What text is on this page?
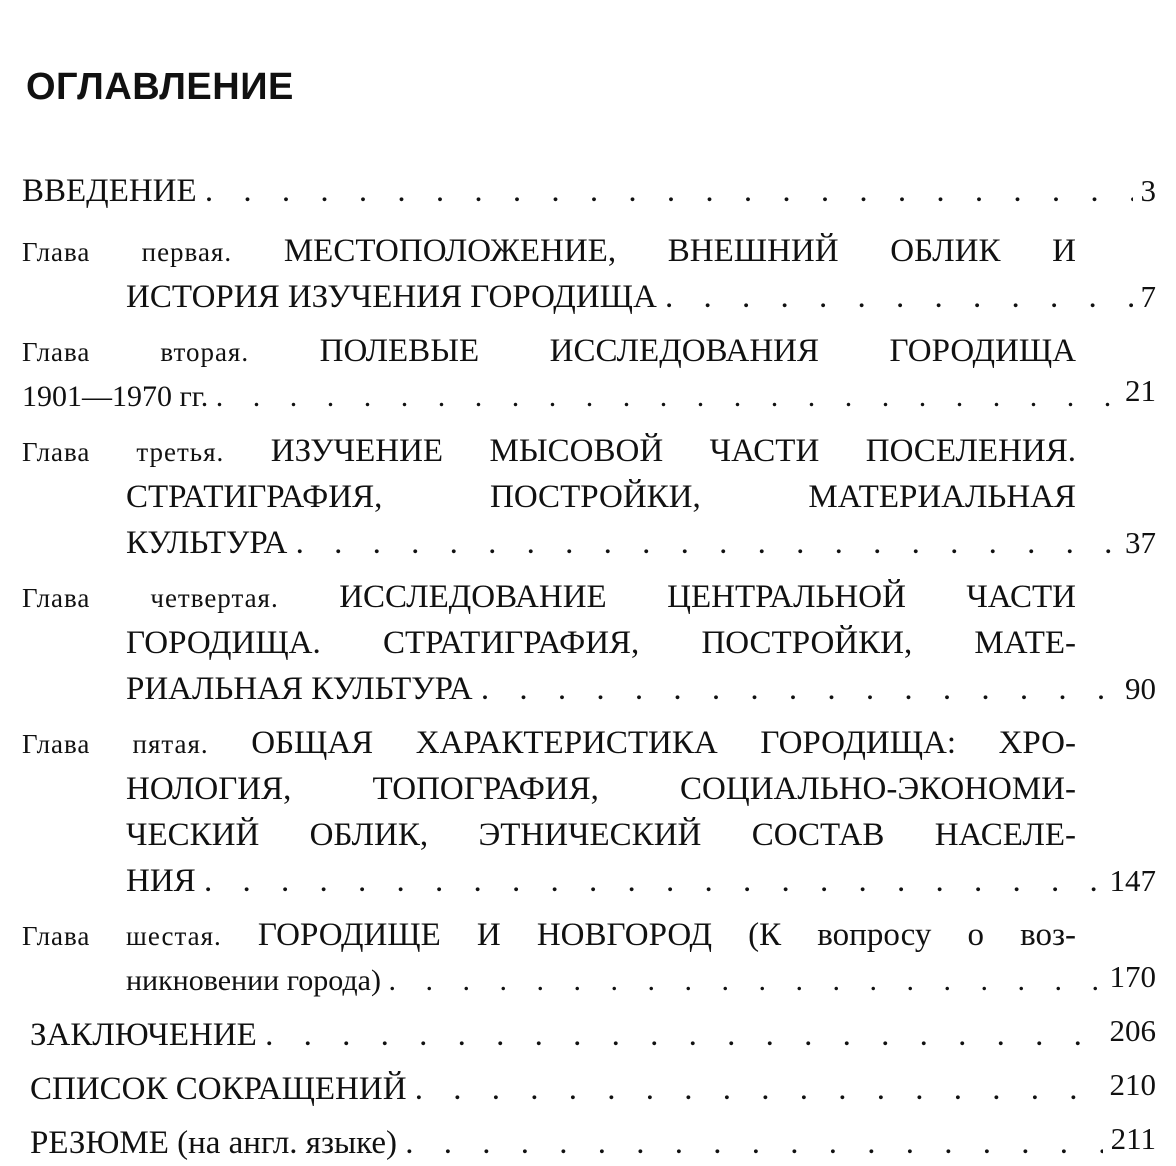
ОГЛАВЛЕНИЕ
ВВЕДЕНИЕ . . .	3
Глава первая. МЕСТОПОЛОЖЕНИЕ, ВНЕШНИЙ ОБЛИК И
ИСТОРИЯ ИЗУЧЕНИЯ ГОРОДИЩА . . .	7
Глава вторая. ПОЛЕВЫЕ ИССЛЕДОВАНИЯ ГОРОДИЩА
1901—1970 гг. . . .	21
Глава третья. ИЗУЧЕНИЕ МЫСОВОЙ ЧАСТИ ПОСЕЛЕНИЯ.
СТРАТИГРАФИЯ, ПОСТРОЙКИ, МАТЕРИАЛЬНАЯ
КУЛЬТУРА . . .	37
Глава четвертая. ИССЛЕДОВАНИЕ ЦЕНТРАЛЬНОЙ ЧАСТИ
ГОРОДИЩА. СТРАТИГРАФИЯ, ПОСТРОЙКИ, МАТЕ-
РИАЛЬНАЯ КУЛЬТУРА . . .	90
Глава пятая. ОБЩАЯ ХАРАКТЕРИСТИКА ГОРОДИЩА: ХРО-
НОЛОГИЯ, ТОПОГРАФИЯ, СОЦИАЛЬНО-ЭКОНОМИ-
ЧЕСКИЙ ОБЛИК, ЭТНИЧЕСКИЙ СОСТАВ НАСЕЛЕ-
НИЯ . . .	147
Глава шестая. ГОРОДИЩЕ И НОВГОРОД (К вопросу о воз-
никновении города) . . .	170
ЗАКЛЮЧЕНИЕ . . .	206
СПИСОК СОКРАЩЕНИЙ . . .	210
РЕЗЮМЕ (на англ. языке) . . .	211
